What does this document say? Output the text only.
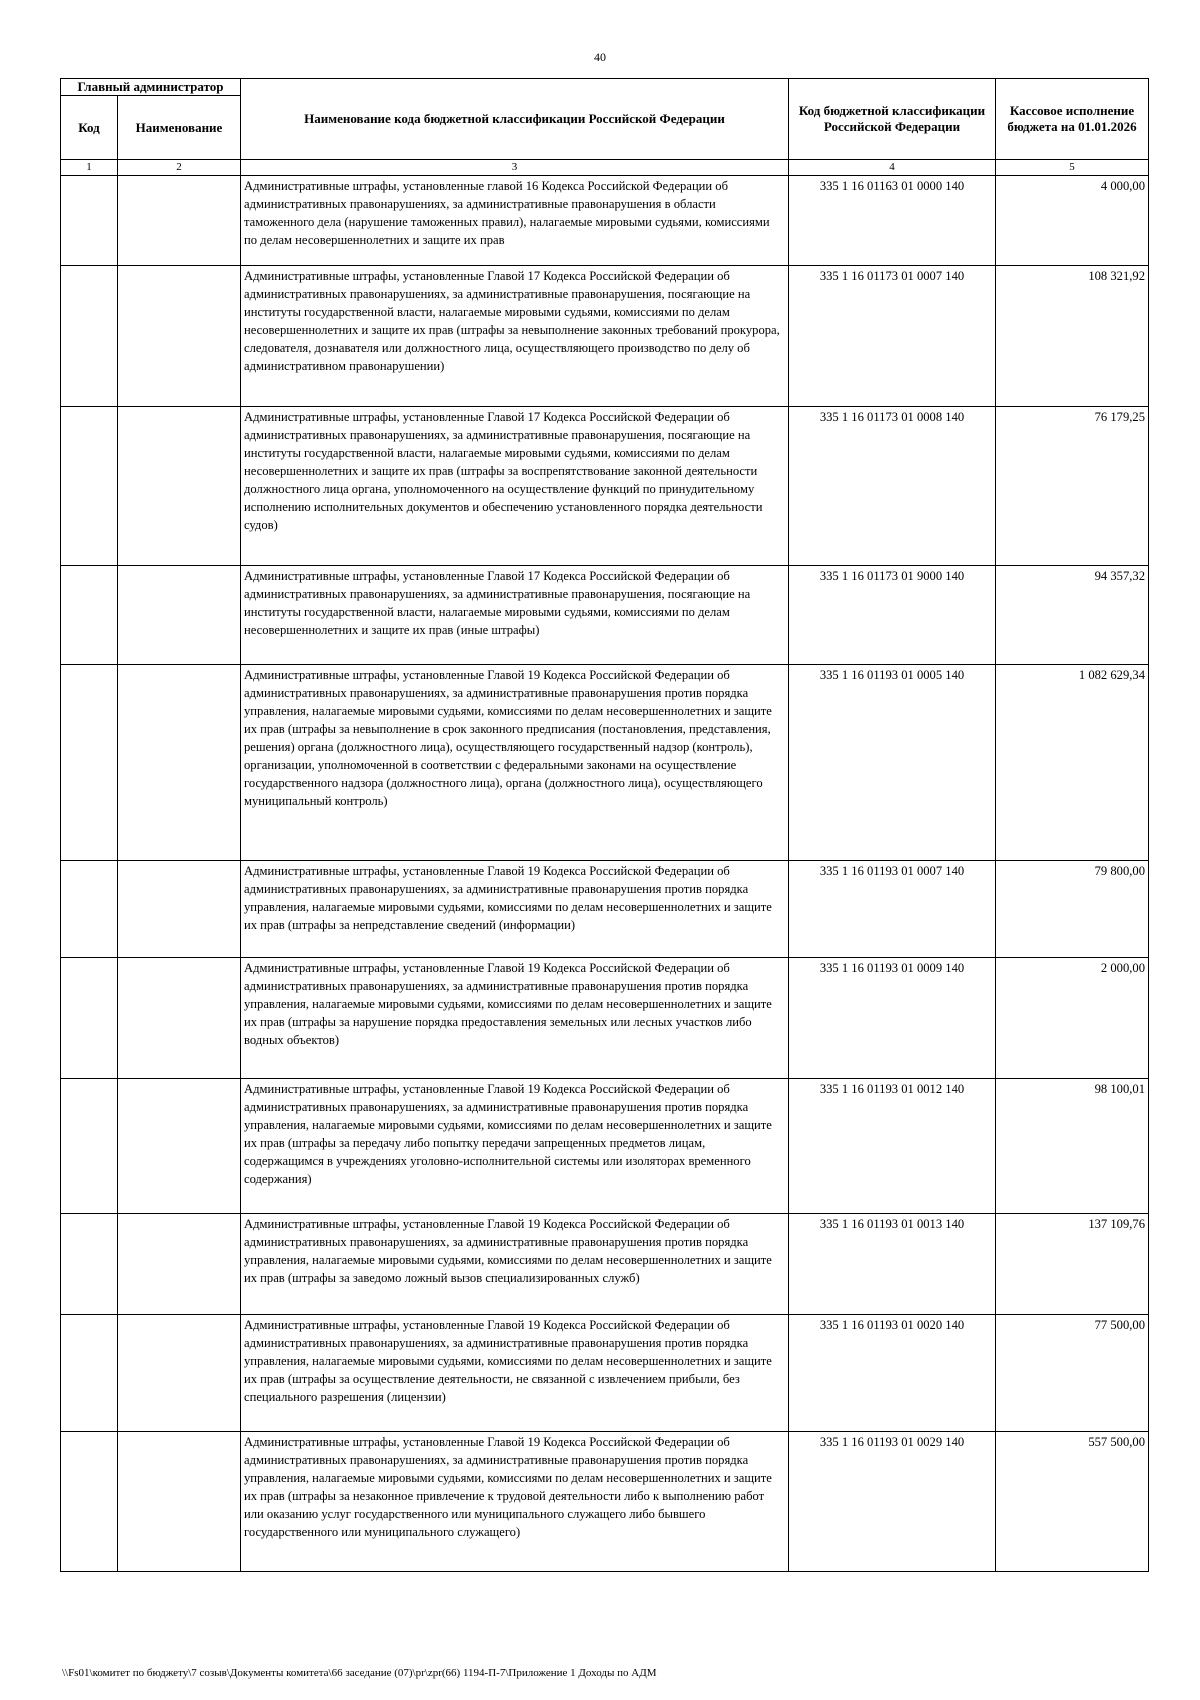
40
Главный администратор		Наименование кода бюджетной классификации Российской Федерации	Код бюджетной классификации Российской Федерации	Кассовое исполнение бюджета на 01.01.2026
Код	Наименование			
1	2	3	4	5
		Административные штрафы, установленные главой 16 Кодекса Российской Федерации об административных правонарушениях, за административные правонарушения в области таможенного дела (нарушение таможенных правил), налагаемые мировыми судьями, комиссиями по делам несовершеннолетних и защите их прав	335 1 16 01163 01 0000 140	4 000,00
		Административные штрафы, установленные Главой 17 Кодекса Российской Федерации об административных правонарушениях, за административные правонарушения, посягающие на институты государственной власти, налагаемые мировыми судьями, комиссиями по делам несовершеннолетних и защите их прав (штрафы за невыполнение законных требований прокурора, следователя, дознавателя или должностного лица, осуществляющего производство по делу об административном правонарушении)	335 1 16 01173 01 0007 140	108 321,92
		Административные штрафы, установленные Главой 17 Кодекса Российской Федерации об административных правонарушениях, за административные правонарушения, посягающие на институты государственной власти, налагаемые мировыми судьями, комиссиями по делам несовершеннолетних и защите их прав (штрафы за воспрепятствование законной деятельности должностного лица органа, уполномоченного на осуществление функций по принудительному исполнению исполнительных документов и обеспечению установленного порядка деятельности судов)	335 1 16 01173 01 0008 140	76 179,25
		Административные штрафы, установленные Главой 17 Кодекса Российской Федерации об административных правонарушениях, за административные правонарушения, посягающие на институты государственной власти, налагаемые мировыми судьями, комиссиями по делам несовершеннолетних и защите их прав (иные штрафы)	335 1 16 01173 01 9000 140	94 357,32
		Административные штрафы, установленные Главой 19 Кодекса Российской Федерации об административных правонарушениях, за административные правонарушения против порядка управления, налагаемые мировыми судьями, комиссиями по делам несовершеннолетних и защите их прав (штрафы за невыполнение в срок законного предписания (постановления, представления, решения) органа (должностного лица), осуществляющего государственный надзор (контроль), организации, уполномоченной в соответствии с федеральными законами на осуществление государственного надзора (должностного лица), органа (должностного лица), осуществляющего муниципальный контроль)	335 1 16 01193 01 0005 140	1 082 629,34
		Административные штрафы, установленные Главой 19 Кодекса Российской Федерации об административных правонарушениях, за административные правонарушения против порядка управления, налагаемые мировыми судьями, комиссиями по делам несовершеннолетних и защите их прав (штрафы за непредставление сведений (информации)	335 1 16 01193 01 0007 140	79 800,00
		Административные штрафы, установленные Главой 19 Кодекса Российской Федерации об административных правонарушениях, за административные правонарушения против порядка управления, налагаемые мировыми судьями, комиссиями по делам несовершеннолетних и защите их прав (штрафы за нарушение порядка предоставления земельных или лесных участков либо водных объектов)	335 1 16 01193 01 0009 140	2 000,00
		Административные штрафы, установленные Главой 19 Кодекса Российской Федерации об административных правонарушениях, за административные правонарушения против порядка управления, налагаемые мировыми судьями, комиссиями по делам несовершеннолетних и защите их прав (штрафы за передачу либо попытку передачи запрещенных предметов лицам, содержащимся в учреждениях уголовно-исполнительной системы или изоляторах временного содержания)	335 1 16 01193 01 0012 140	98 100,01
		Административные штрафы, установленные Главой 19 Кодекса Российской Федерации об административных правонарушениях, за административные правонарушения против порядка управления, налагаемые мировыми судьями, комиссиями по делам несовершеннолетних и защите их прав (штрафы за заведомо ложный вызов специализированных служб)	335 1 16 01193 01 0013 140	137 109,76
		Административные штрафы, установленные Главой 19 Кодекса Российской Федерации об административных правонарушениях, за административные правонарушения против порядка управления, налагаемые мировыми судьями, комиссиями по делам несовершеннолетних и защите их прав (штрафы за осуществление деятельности, не связанной с извлечением прибыли, без специального разрешения (лицензии)	335 1 16 01193 01 0020 140	77 500,00
		Административные штрафы, установленные Главой 19 Кодекса Российской Федерации об административных правонарушениях, за административные правонарушения против порядка управления, налагаемые мировыми судьями, комиссиями по делам несовершеннолетних и защите их прав (штрафы за незаконное привлечение к трудовой деятельности либо к выполнению работ или оказанию услуг государственного или муниципального служащего либо бывшего государственного или муниципального служащего)	335 1 16 01193 01 0029 140	557 500,00
\\Fs01\комитет по бюджету\7 созыв\Документы комитета\66 заседание (07)\pr\zpr(66) 1194-П-7\Приложение 1 Доходы по АДМ
